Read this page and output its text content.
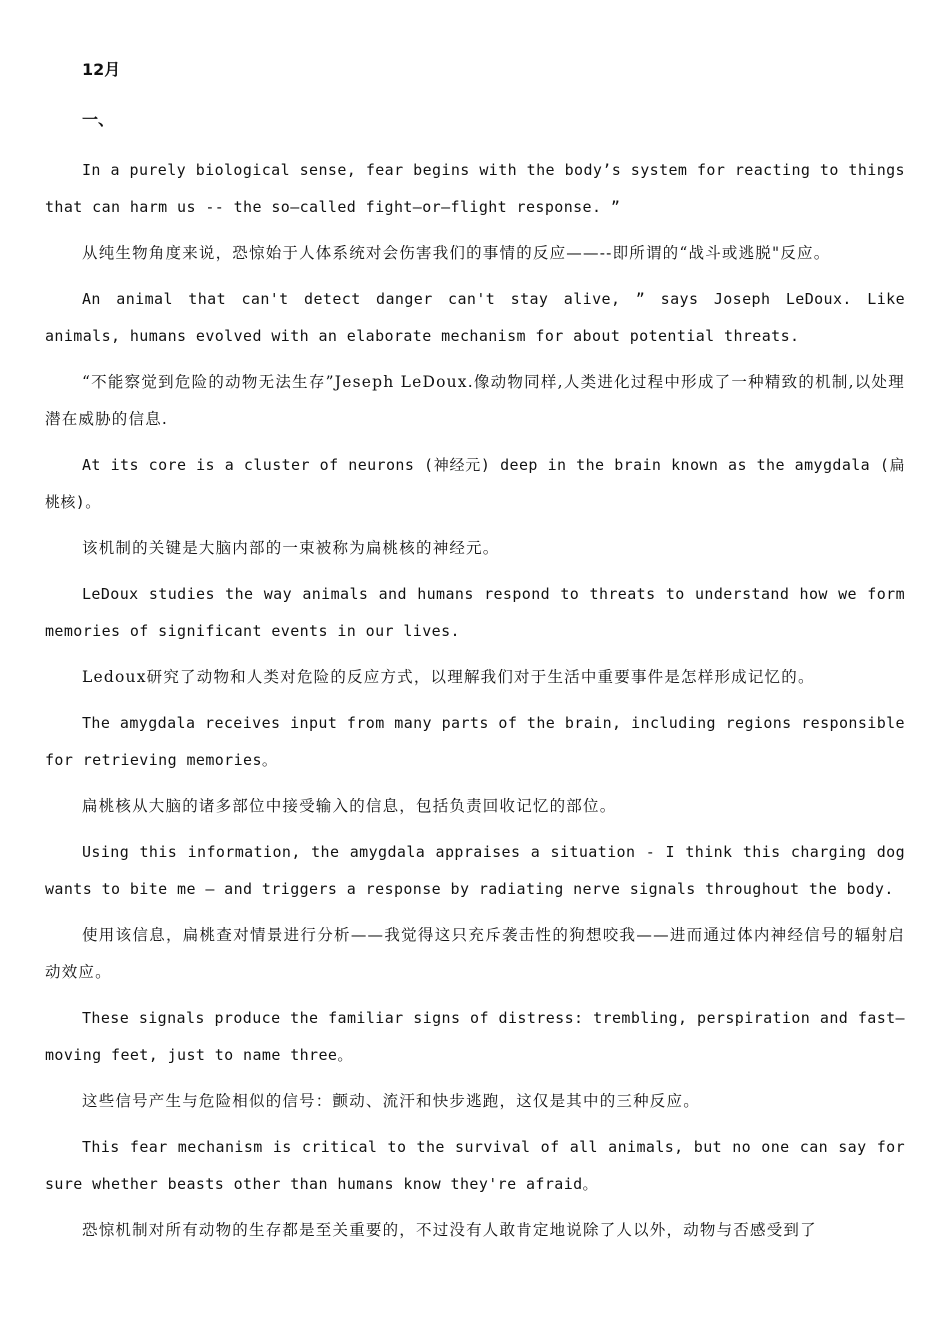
12月
一、

In a purely biological sense, fear begins with the body’s system for reacting to things that can harm us -- the so—called fight—or—flight response. ”

从纯生物角度来说，恐惊始于人体系统对会伤害我们的事情的反应——--即所谓的“战斗或逃脱"反应。

An animal that can't detect danger can't stay alive, ” says Joseph LeDoux. Like animals, humans evolved with an elaborate mechanism for about potential threats.

“不能察觉到危险的动物无法生存”Jeseph LeDoux.像动物同样,人类进化过程中形成了一种精致的机制,以处理潜在威胁的信息.

At its core is a cluster of neurons (神经元) deep in the brain known as the amygdala (扁桃核)。

该机制的关键是大脑内部的一束被称为扁桃核的神经元。

LeDoux studies the way animals and humans respond to threats to understand how we form memories of significant events in our lives.

Ledoux研究了动物和人类对危险的反应方式，以理解我们对于生活中重要事件是怎样形成记忆的。

The amygdala receives input from many parts of the brain, including regions responsible for retrieving memories。

扁桃核从大脑的诸多部位中接受输入的信息，包括负责回收记忆的部位。

Using this information, the amygdala appraises a situation - I think this charging dog wants to bite me — and triggers a response by radiating nerve signals throughout the body.

使用该信息，扁桃查对情景进行分析——我觉得这只充斥袭击性的狗想咬我——进而通过体内神经信号的辐射启动效应。

These signals produce the familiar signs of distress: trembling, perspiration and fast—moving feet, just to name three。

这些信号产生与危险相似的信号：颤动、流汗和快步逃跑，这仅是其中的三种反应。

This fear mechanism is critical to the survival of all animals, but no one can say for sure whether beasts other than humans know they're afraid。

恐惊机制对所有动物的生存都是至关重要的，不过没有人敢肯定地说除了人以外，动物与否感受到了
